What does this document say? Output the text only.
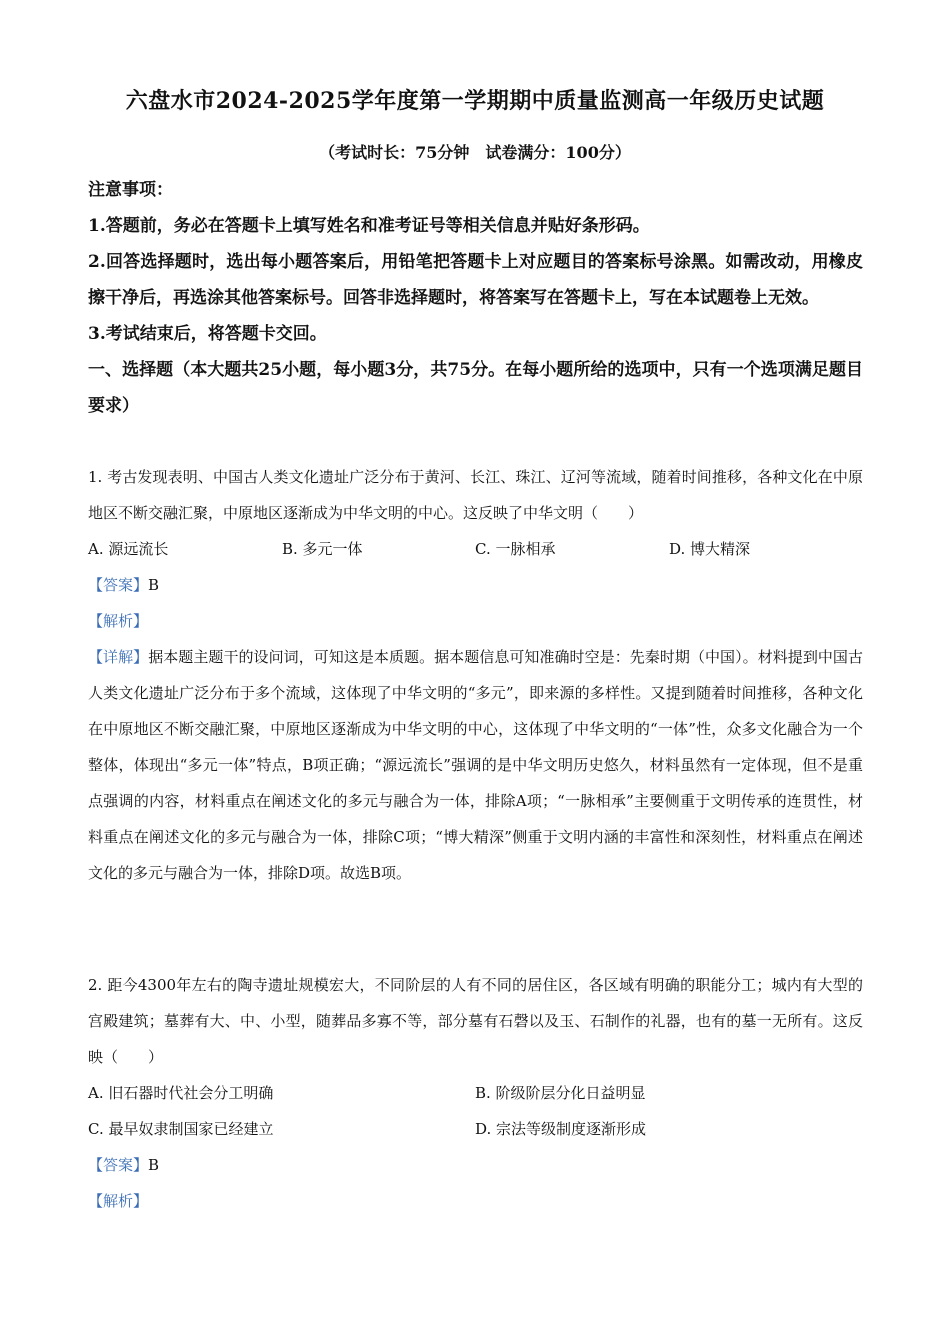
六盘水市2024-2025学年度第一学期期中质量监测高一年级历史试题
（考试时长：75分钟　试卷满分：100分）
注意事项：
1.答题前，务必在答题卡上填写姓名和准考证号等相关信息并贴好条形码。
2.回答选择题时，选出每小题答案后，用铅笔把答题卡上对应题目的答案标号涂黑。如需改动，用橡皮擦干净后，再选涂其他答案标号。回答非选择题时，将答案写在答题卡上，写在本试题卷上无效。
3.考试结束后，将答题卡交回。
一、选择题（本大题共25小题，每小题3分，共75分。在每小题所给的选项中，只有一个选项满足题目要求）
1. 考古发现表明、中国古人类文化遗址广泛分布于黄河、长江、珠江、辽河等流域，随着时间推移，各种文化在中原地区不断交融汇聚，中原地区逐渐成为中华文明的中心。这反映了中华文明（　　）
A. 源远流长	B. 多元一体	C. 一脉相承	D. 博大精深
【答案】B
【解析】
【详解】据本题主题干的设问词，可知这是本质题。据本题信息可知准确时空是：先秦时期（中国）。材料提到中国古人类文化遗址广泛分布于多个流域，这体现了中华文明的“多元”，即来源的多样性。又提到随着时间推移，各种文化在中原地区不断交融汇聚，中原地区逐渐成为中华文明的中心，这体现了中华文明的“一体”性，众多文化融合为一个整体，体现出“多元一体”特点，B项正确；“源远流长”强调的是中华文明历史悠久，材料虽然有一定体现，但不是重点强调的内容，材料重点在阐述文化的多元与融合为一体，排除A项；“一脉相承”主要侧重于文明传承的连贯性，材料重点在阐述文化的多元与融合为一体，排除C项；“博大精深”侧重于文明内涵的丰富性和深刻性，材料重点在阐述文化的多元与融合为一体，排除D项。故选B项。
2. 距今4300年左右的陶寺遗址规模宏大，不同阶层的人有不同的居住区，各区域有明确的职能分工；城内有大型的宫殿建筑；墓葬有大、中、小型，随葬品多寡不等，部分墓有石磬以及玉、石制作的礼器，也有的墓一无所有。这反映（　　）
A. 旧石器时代社会分工明确	B. 阶级阶层分化日益明显
C. 最早奴隶制国家已经建立	D. 宗法等级制度逐渐形成
【答案】B
【解析】
